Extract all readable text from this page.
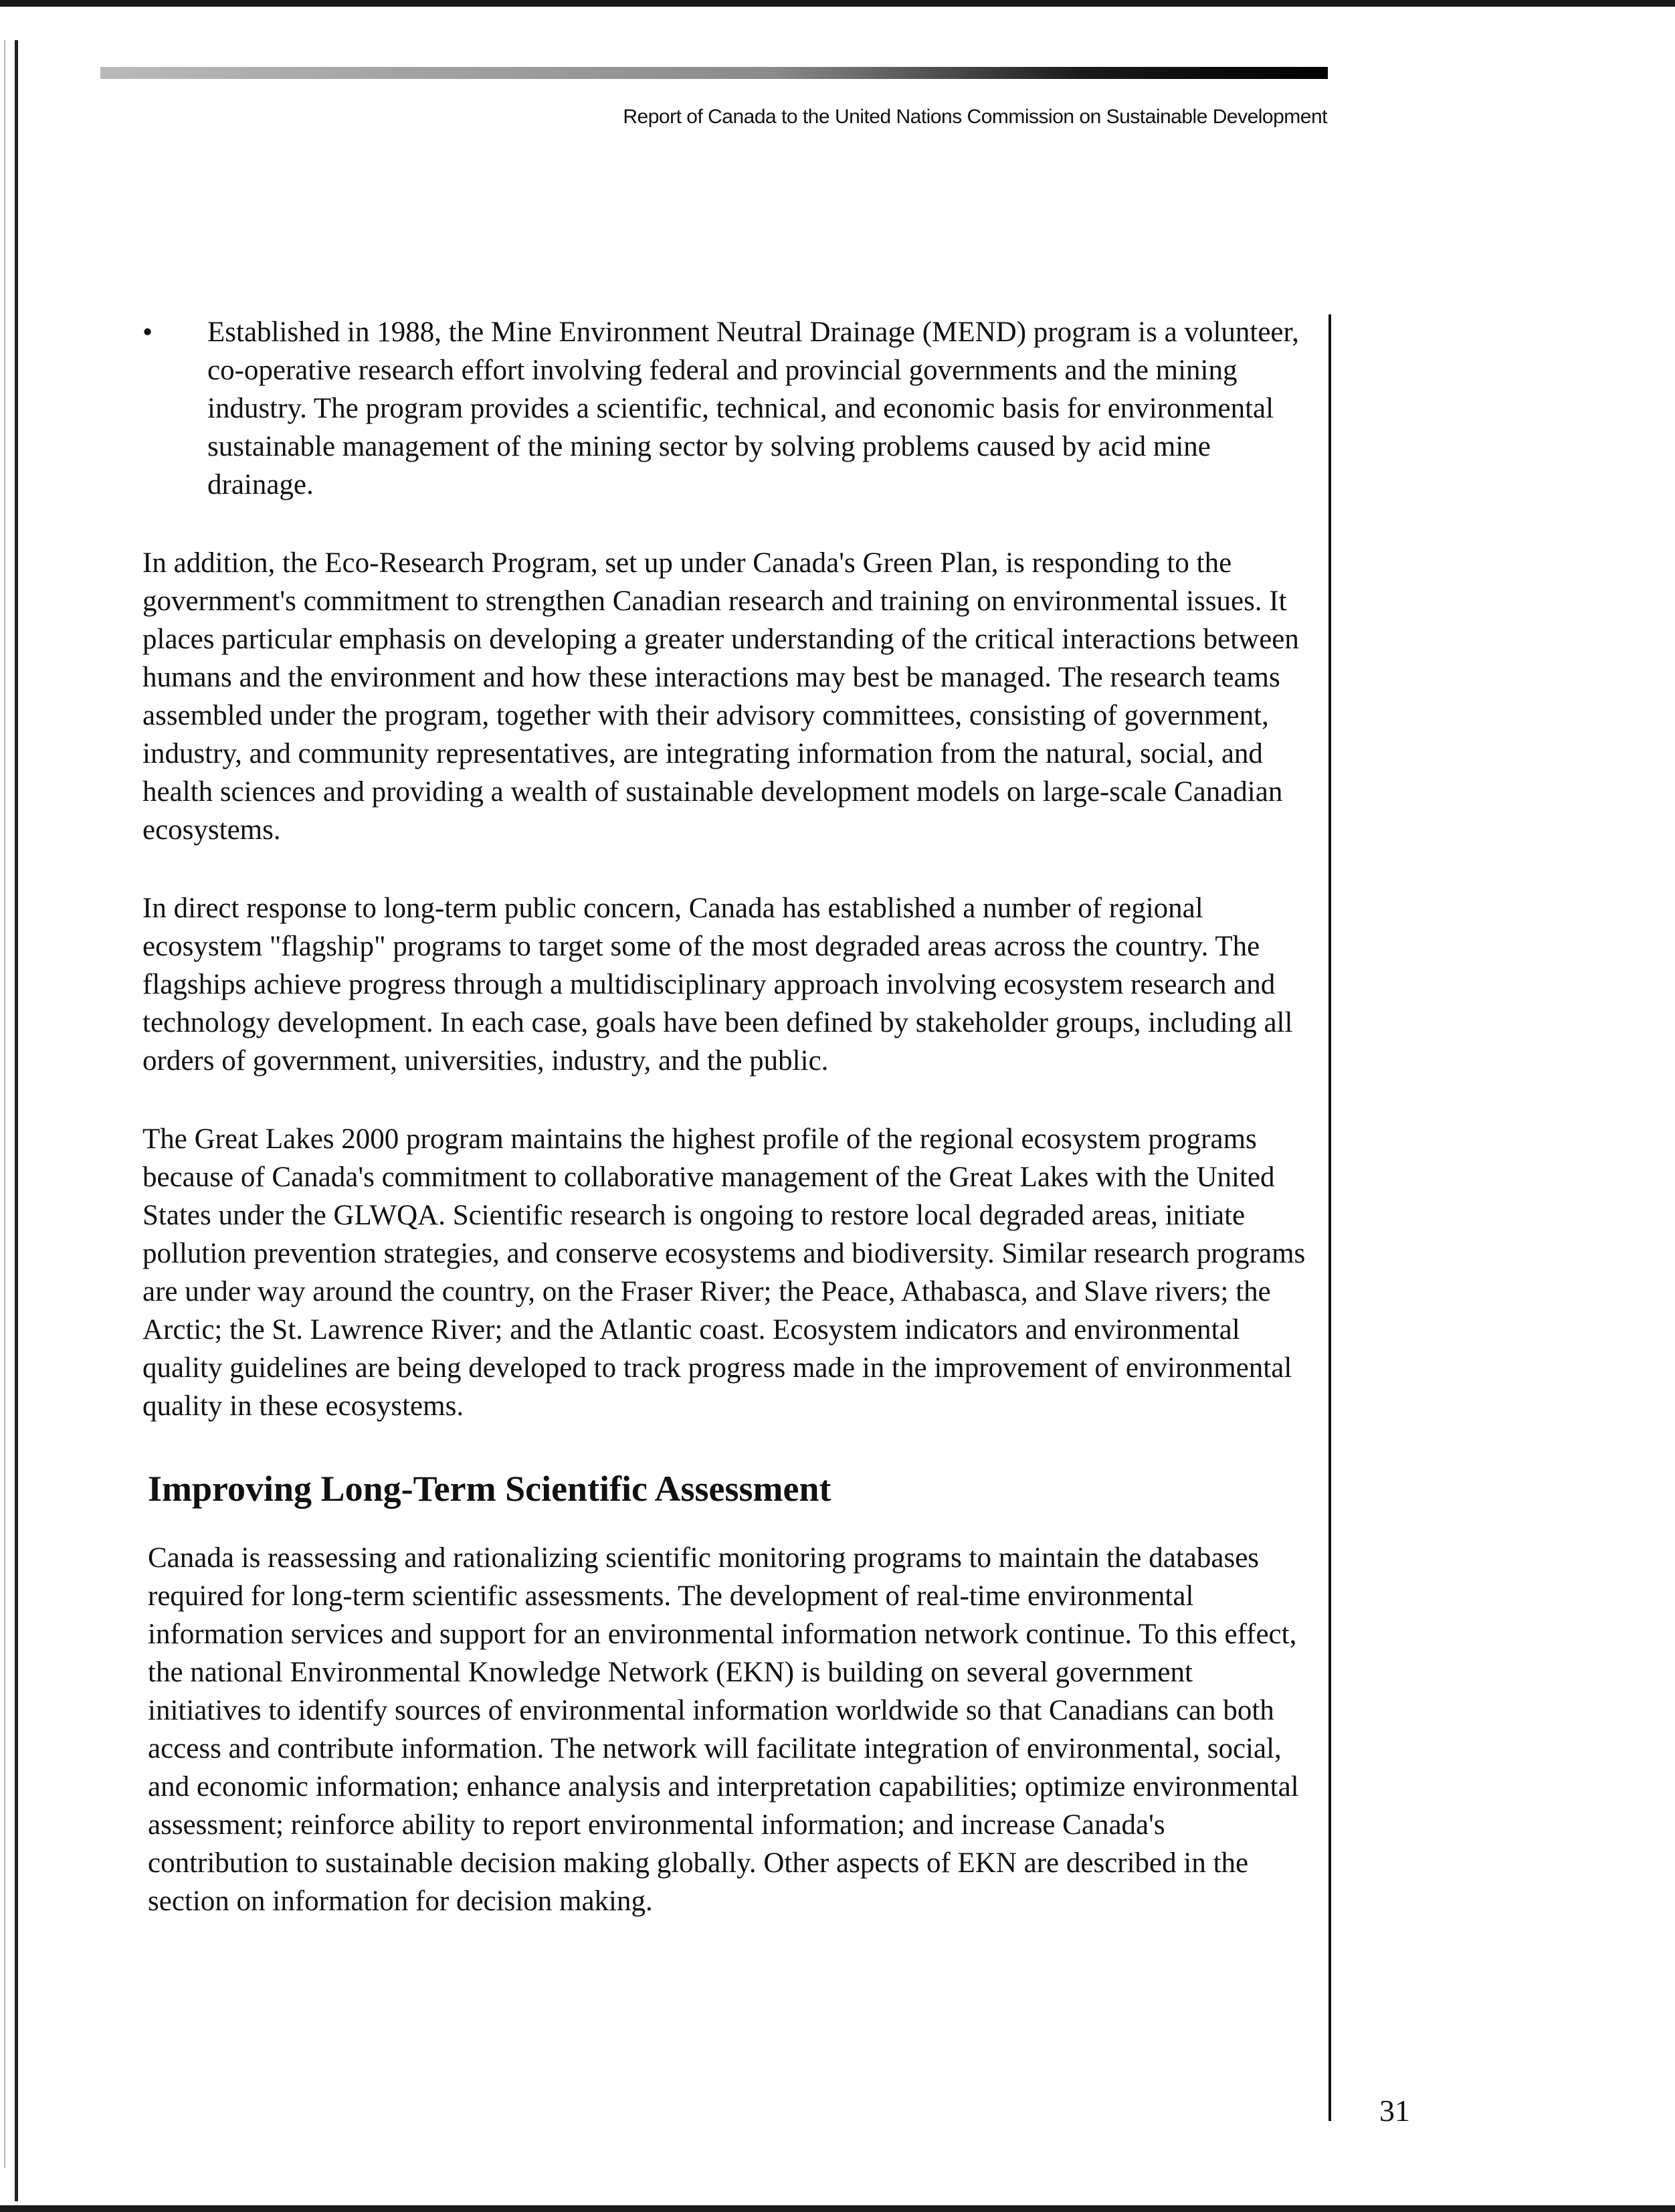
Report of Canada to the United Nations Commission on Sustainable Development
•	Established in 1988, the Mine Environment Neutral Drainage (MEND) program is a volunteer, co-operative research effort involving federal and provincial governments and the mining industry. The program provides a scientific, technical, and economic basis for environmental sustainable management of the mining sector by solving problems caused by acid mine drainage.

In addition, the Eco-Research Program, set up under Canada's Green Plan, is responding to the government's commitment to strengthen Canadian research and training on environmental issues. It places particular emphasis on developing a greater understanding of the critical interactions between humans and the environment and how these interactions may best be managed. The research teams assembled under the program, together with their advisory committees, consisting of government, industry, and community representatives, are integrating information from the natural, social, and health sciences and providing a wealth of sustainable development models on large-scale Canadian ecosystems.

In direct response to long-term public concern, Canada has established a number of regional ecosystem "flagship" programs to target some of the most degraded areas across the country. The flagships achieve progress through a multidisciplinary approach involving ecosystem research and technology development. In each case, goals have been defined by stakeholder groups, including all orders of government, universities, industry, and the public.

The Great Lakes 2000 program maintains the highest profile of the regional ecosystem programs because of Canada's commitment to collaborative management of the Great Lakes with the United States under the GLWQA. Scientific research is ongoing to restore local degraded areas, initiate pollution prevention strategies, and conserve ecosystems and biodiversity. Similar research programs are under way around the country, on the Fraser River; the Peace, Athabasca, and Slave rivers; the Arctic; the St. Lawrence River; and the Atlantic coast. Ecosystem indicators and environmental quality guidelines are being developed to track progress made in the improvement of environmental quality in these ecosystems.

Improving Long-Term Scientific Assessment

Canada is reassessing and rationalizing scientific monitoring programs to maintain the databases required for long-term scientific assessments. The development of real-time environmental information services and support for an environmental information network continue. To this effect, the national Environmental Knowledge Network (EKN) is building on several government initiatives to identify sources of environmental information worldwide so that Canadians can both access and contribute information. The network will facilitate integration of environmental, social, and economic information; enhance analysis and interpretation capabilities; optimize environmental assessment; reinforce ability to report environmental information; and increase Canada's contribution to sustainable decision making globally. Other aspects of EKN are described in the section on information for decision making.

31
